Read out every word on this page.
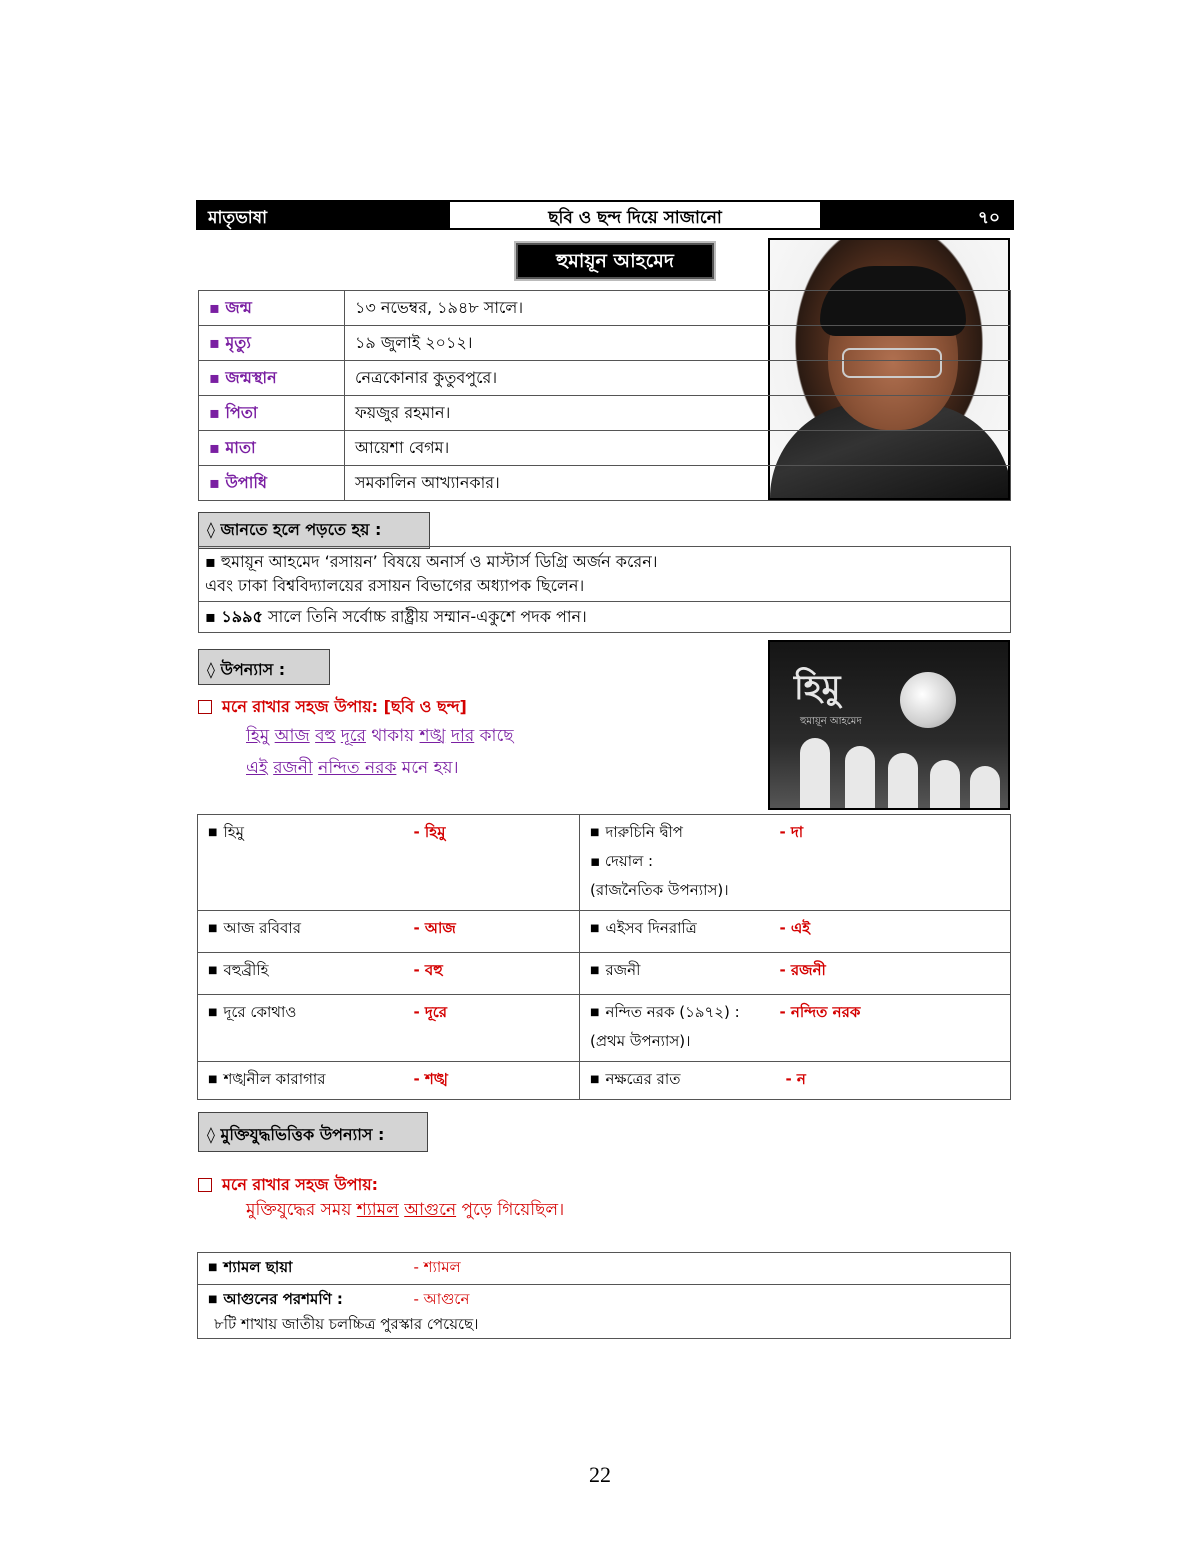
মাতৃভাষা	ছবি ও ছন্দ দিয়ে সাজানো	৭০
হুমায়ূন আহমেদ
▪ জন্ম	১৩ নভেম্বর, ১৯৪৮ সালে।
▪ মৃত্যু	১৯ জুলাই ২০১২।
▪ জন্মস্থান	নেত্রকোনার কুতুবপুরে।
▪ পিতা	ফয়জুর রহমান।
▪ মাতা	আয়েশা বেগম।
▪ উপাধি	সমকালিন আখ্যানকার।
◊ জানতে হলে পড়তে হয় :
▪ হুমায়ূন আহমেদ ‘রসায়ন’ বিষয়ে অনার্স ও মাস্টার্স ডিগ্রি অর্জন করেন।
এবং ঢাকা বিশ্ববিদ্যালয়ের রসায়ন বিভাগের অধ্যাপক ছিলেন।
▪ ১৯৯৫ সালে তিনি সর্বোচ্চ রাষ্ট্রীয় সম্মান-একুশে পদক পান।
◊ উপন্যাস :
মনে রাখার সহজ উপায়: [ছবি ও ছন্দ]
হিমু আজ বহু দূরে থাকায় শঙ্খ দার কাছে
এই রজনী নন্দিত নরক মনে হয়।
হিমু
হুমায়ূন আহমেদ
■ হিমু - হিমু	■ দারুচিনি দ্বীপ - দা
▪ দেয়াল :
(রাজনৈতিক উপন্যাস)।

■ আজ রবিবার - আজ	■ এইসব দিনরাত্রি - এই
■ বহুব্রীহি - বহু	■ রজনী - রজনী
■ দূরে কোথাও - দূরে	■ নন্দিত নরক (১৯৭২) : - নন্দিত নরক
(প্রথম উপন্যাস)।

■ শঙ্খনীল কারাগার - শঙ্খ	■ নক্ষত্রের রাত - ন
◊ মুক্তিযুদ্ধভিত্তিক উপন্যাস :
মনে রাখার সহজ উপায়:
মুক্তিযুদ্ধের সময় শ্যামল আগুনে পুড়ে গিয়েছিল।
■ শ্যামল ছায়া	- শ্যামল
■ আগুনের পরশমণি :	- আগুনে
৮টি শাখায় জাতীয় চলচ্চিত্র পুরস্কার পেয়েছে।
22
